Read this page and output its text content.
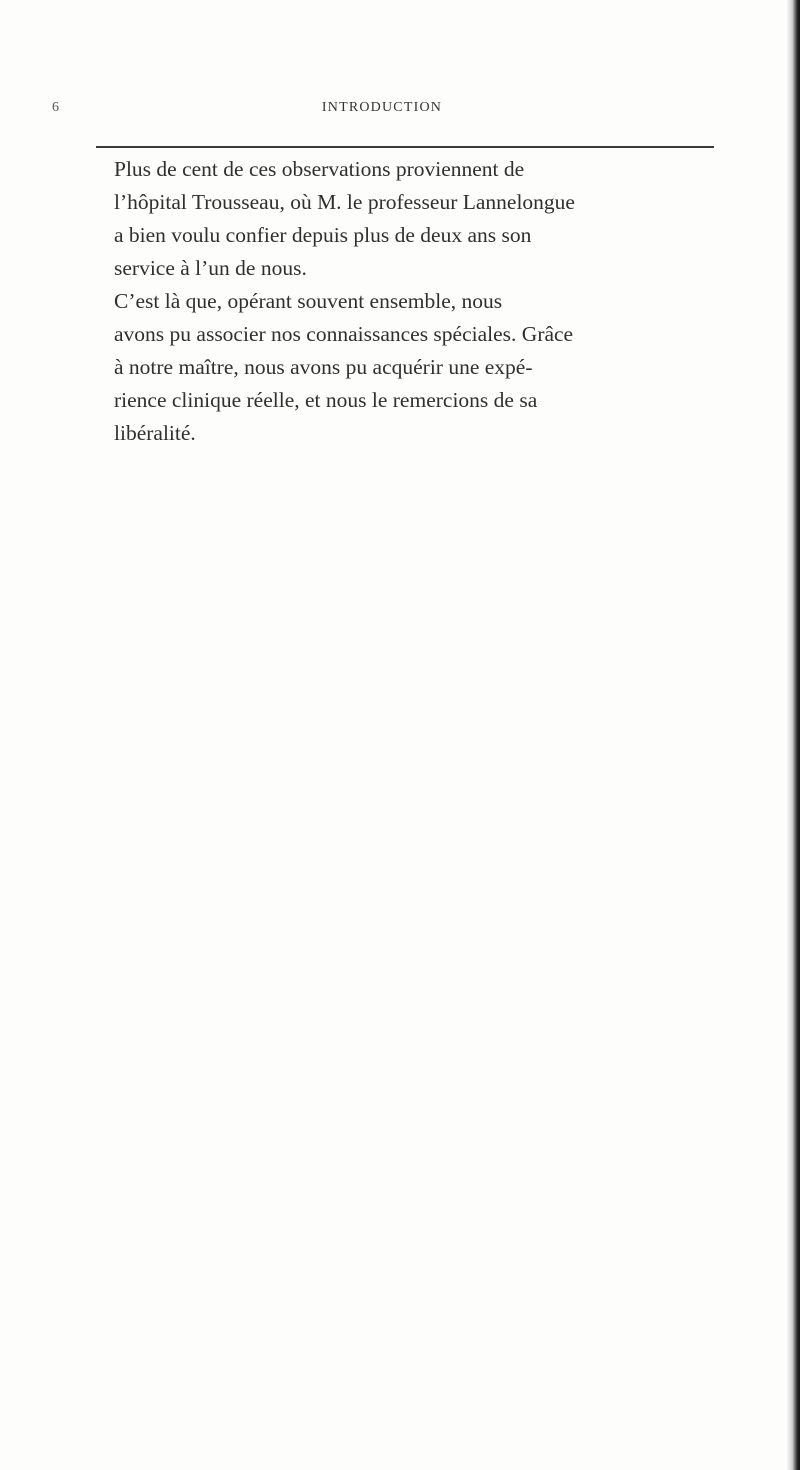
6	INTRODUCTION

Plus de cent de ces observations proviennent de
l’hôpital Trousseau, où M. le professeur Lannelongue
a bien voulu confier depuis plus de deux ans son
service à l’un de nous.

C’est là que, opérant souvent ensemble, nous
avons pu associer nos connaissances spéciales. Grâce
à notre maître, nous avons pu acquérir une expé-
rience clinique réelle, et nous le remercions de sa
libéralité.
